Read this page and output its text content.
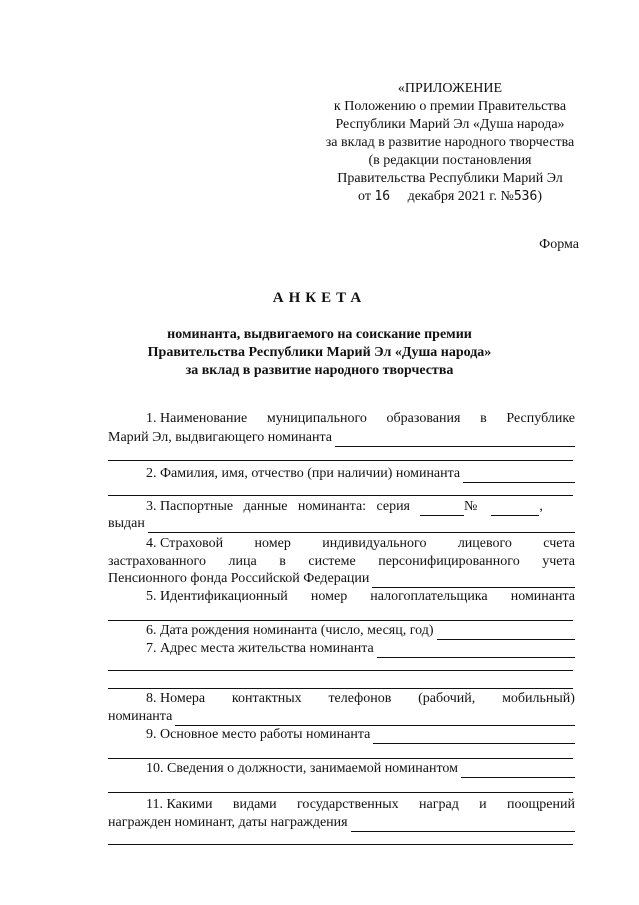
«ПРИЛОЖЕНИЕ
к Положению о премии Правительства
Республики Марий Эл «Душа народа»
за вклад в развитие народного творчества
(в редакции постановления
Правительства Республики Марий Эл
от 16 декабря 2021 г. №536)
Форма
АНКЕТА
номинанта, выдвигаемого на соискание премии
Правительства Республики Марий Эл «Душа народа»
за вклад в развитие народного творчества
1. Наименование муниципального образования в Республике
Марий Эл, выдвигающего номинанта
2. Фамилия, имя, отчество (при наличии) номинанта
3. Паспортные данные номинанта: серия	№	,
выдан
4. Страховой номер индивидуального лицевого счета
застрахованного лица в системе персонифицированного учета
Пенсионного фонда Российской Федерации
5. Идентификационный номер налогоплательщика номинанта
6. Дата рождения номинанта (число, месяц, год)
7. Адрес места жительства номинанта
8. Номера контактных телефонов (рабочий, мобильный)
номинанта
9. Основное место работы номинанта
10. Сведения о должности, занимаемой номинантом
11. Какими видами государственных наград и поощрений
награжден номинант, даты награждения
